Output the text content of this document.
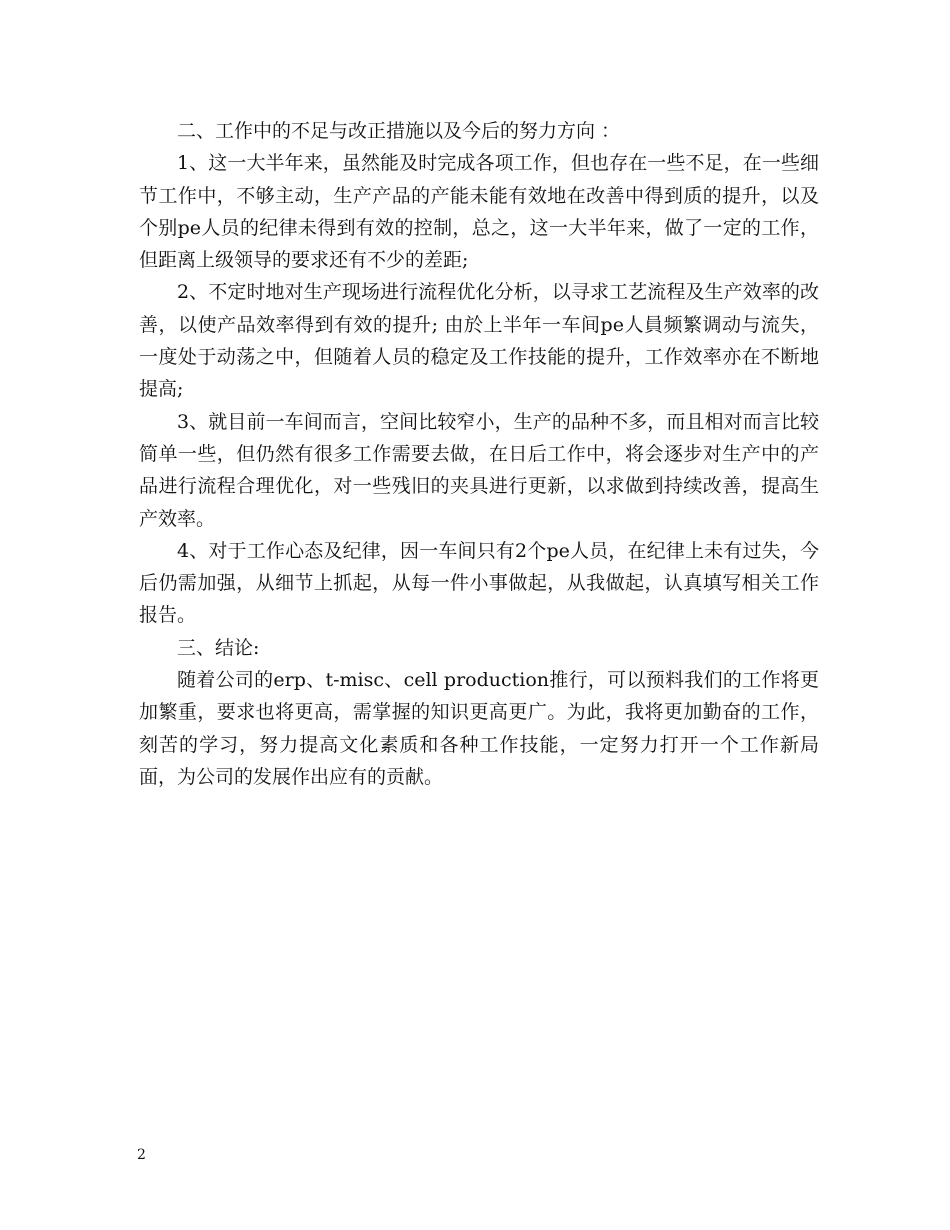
二、工作中的不足与改正措施以及今后的努力方向 ：

1、这一大半年来，虽然能及时完成各项工作，但也存在一些不足，在一些细节工作中，不够主动，生产产品的产能未能有效地在改善中得到质的提升，以及个别pe人员的纪律未得到有效的控制，总之，这一大半年来，做了一定的工作，但距离上级领导的要求还有不少的差距;

2、不定时地对生产现场进行流程优化分析，以寻求工艺流程及生产效率的改善，以使产品效率得到有效的提升; 由於上半年一车间pe人員频繁调动与流失，一度处于动荡之中，但随着人员的稳定及工作技能的提升，工作效率亦在不断地提高;

3、就目前一车间而言，空间比较窄小，生产的品种不多，而且相对而言比较简单一些，但仍然有很多工作需要去做，在日后工作中，将会逐步对生产中的产品进行流程合理优化，对一些残旧的夹具进行更新，以求做到持续改善，提高生产效率。

4、对于工作心态及纪律，因一车间只有2个pe人员，在纪律上未有过失，今后仍需加强，从细节上抓起，从每一件小事做起，从我做起，认真填写相关工作报告。

三、结论:

随着公司的erp、t-misc、cell production推行，可以预料我们的工作将更加繁重，要求也将更高，需掌握的知识更高更广。为此，我将更加勤奋的工作，刻苦的学习，努力提高文化素质和各种工作技能，一定努力打开一个工作新局面，为公司的发展作出应有的贡献。

2
